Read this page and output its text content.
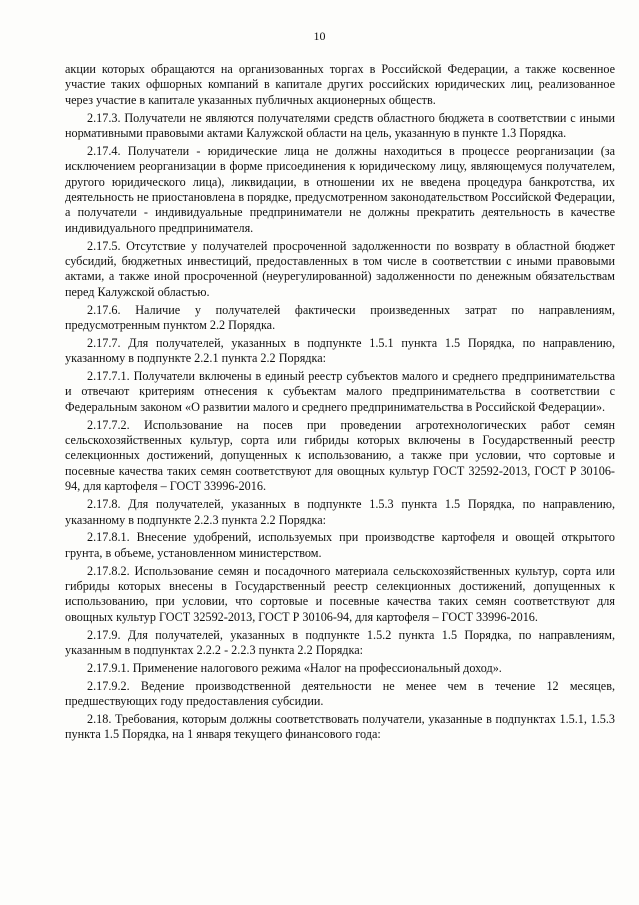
10

акции которых обращаются на организованных торгах в Российской Федерации, а также косвенное участие таких офшорных компаний в капитале других российских юридических лиц, реализованное через участие в капитале указанных публичных акционерных обществ.

2.17.3. Получатели не являются получателями средств областного бюджета в соответствии с иными нормативными правовыми актами Калужской области на цель, указанную в пункте 1.3 Порядка.

2.17.4. Получатели - юридические лица не должны находиться в процессе реорганизации (за исключением реорганизации в форме присоединения к юридическому лицу, являющемуся получателем, другого юридического лица), ликвидации, в отношении их не введена процедура банкротства, их деятельность не приостановлена в порядке, предусмотренном законодательством Российской Федерации, а получатели - индивидуальные предприниматели не должны прекратить деятельность в качестве индивидуального предпринимателя.

2.17.5. Отсутствие у получателей просроченной задолженности по возврату в областной бюджет субсидий, бюджетных инвестиций, предоставленных в том числе в соответствии с иными правовыми актами, а также иной просроченной (неурегулированной) задолженности по денежным обязательствам перед Калужской областью.

2.17.6. Наличие у получателей фактически произведенных затрат по направлениям, предусмотренным пунктом 2.2 Порядка.

2.17.7. Для получателей, указанных в подпункте 1.5.1 пункта 1.5 Порядка, по направлению, указанному в подпункте 2.2.1 пункта 2.2 Порядка:

2.17.7.1. Получатели включены в единый реестр субъектов малого и среднего предпринимательства и отвечают критериям отнесения к субъектам малого предпринимательства в соответствии с Федеральным законом «О развитии малого и среднего предпринимательства в Российской Федерации».

2.17.7.2. Использование на посев при проведении агротехнологических работ семян сельскохозяйственных культур, сорта или гибриды которых включены в Государственный реестр селекционных достижений, допущенных к использованию, а также при условии, что сортовые и посевные качества таких семян соответствуют для овощных культур ГОСТ 32592-2013, ГОСТ Р 30106-94, для картофеля – ГОСТ 33996-2016.

2.17.8. Для получателей, указанных в подпункте 1.5.3 пункта 1.5 Порядка, по направлению, указанному в подпункте 2.2.3 пункта 2.2 Порядка:

2.17.8.1. Внесение удобрений, используемых при производстве картофеля и овощей открытого грунта, в объеме, установленном министерством.

2.17.8.2. Использование семян и посадочного материала сельскохозяйственных культур, сорта или гибриды которых внесены в Государственный реестр селекционных достижений, допущенных к использованию, при условии, что сортовые и посевные качества таких семян соответствуют для овощных культур ГОСТ 32592-2013, ГОСТ Р 30106-94, для картофеля – ГОСТ 33996-2016.

2.17.9. Для получателей, указанных в подпункте 1.5.2 пункта 1.5 Порядка, по направлениям, указанным в подпунктах 2.2.2 - 2.2.3 пункта 2.2 Порядка:

2.17.9.1. Применение налогового режима «Налог на профессиональный доход».

2.17.9.2. Ведение производственной деятельности не менее чем в течение 12 месяцев, предшествующих году предоставления субсидии.

2.18. Требования, которым должны соответствовать получатели, указанные в подпунктах 1.5.1, 1.5.3 пункта 1.5 Порядка, на 1 января текущего финансового года:
